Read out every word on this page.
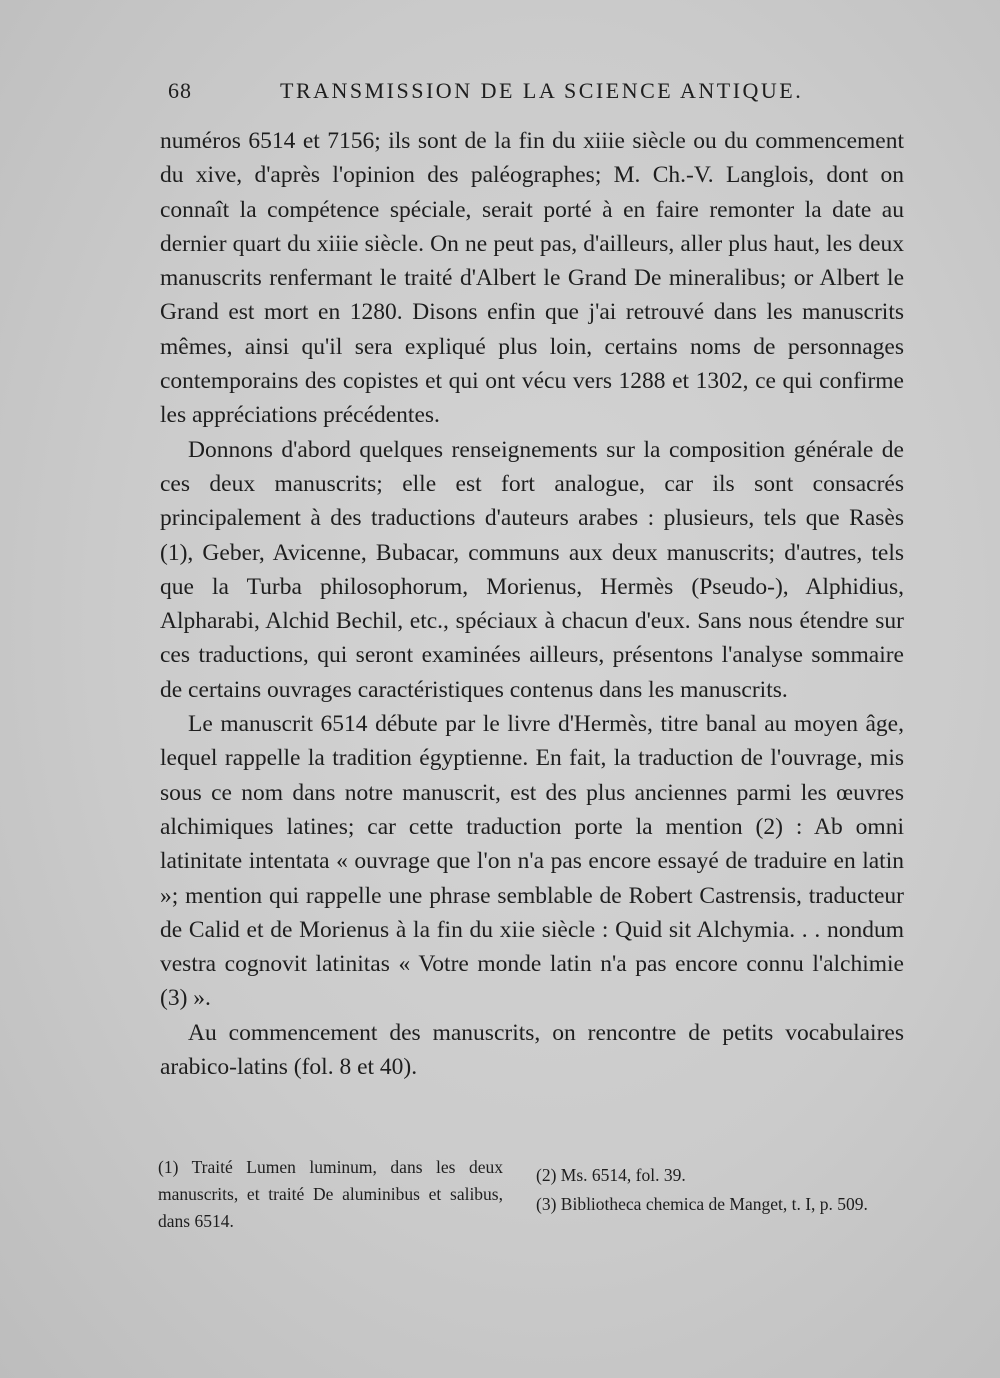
68	TRANSMISSION DE LA SCIENCE ANTIQUE.

numéros 6514 et 7156; ils sont de la fin du xiiie siècle ou du commencement du xive, d'après l'opinion des paléographes; M. Ch.-V. Langlois, dont on connaît la compétence spéciale, serait porté à en faire remonter la date au dernier quart du xiiie siècle. On ne peut pas, d'ailleurs, aller plus haut, les deux manuscrits renfermant le traité d'Albert le Grand De mineralibus; or Albert le Grand est mort en 1280. Disons enfin que j'ai retrouvé dans les manuscrits mêmes, ainsi qu'il sera expliqué plus loin, certains noms de personnages contemporains des copistes et qui ont vécu vers 1288 et 1302, ce qui confirme les appréciations précédentes.

Donnons d'abord quelques renseignements sur la composition générale de ces deux manuscrits; elle est fort analogue, car ils sont consacrés principalement à des traductions d'auteurs arabes : plusieurs, tels que Rasès (1), Geber, Avicenne, Bubacar, communs aux deux manuscrits; d'autres, tels que la Turba philosophorum, Morienus, Hermès (Pseudo-), Alphidius, Alpharabi, Alchid Bechil, etc., spéciaux à chacun d'eux. Sans nous étendre sur ces traductions, qui seront examinées ailleurs, présentons l'analyse sommaire de certains ouvrages caractéristiques contenus dans les manuscrits.

Le manuscrit 6514 débute par le livre d'Hermès, titre banal au moyen âge, lequel rappelle la tradition égyptienne. En fait, la traduction de l'ouvrage, mis sous ce nom dans notre manuscrit, est des plus anciennes parmi les œuvres alchimiques latines; car cette traduction porte la mention (2) : Ab omni latinitate intentata « ouvrage que l'on n'a pas encore essayé de traduire en latin »; mention qui rappelle une phrase semblable de Robert Castrensis, traducteur de Calid et de Morienus à la fin du xiie siècle : Quid sit Alchymia. . . nondum vestra cognovit latinitas « Votre monde latin n'a pas encore connu l'alchimie (3) ».

Au commencement des manuscrits, on rencontre de petits vocabulaires arabico-latins (fol. 8 et 40).

(1) Traité Lumen luminum, dans les deux manuscrits, et traité De aluminibus et salibus, dans 6514.

(2) Ms. 6514, fol. 39.

(3) Bibliotheca chemica de Manget, t. I, p. 509.
